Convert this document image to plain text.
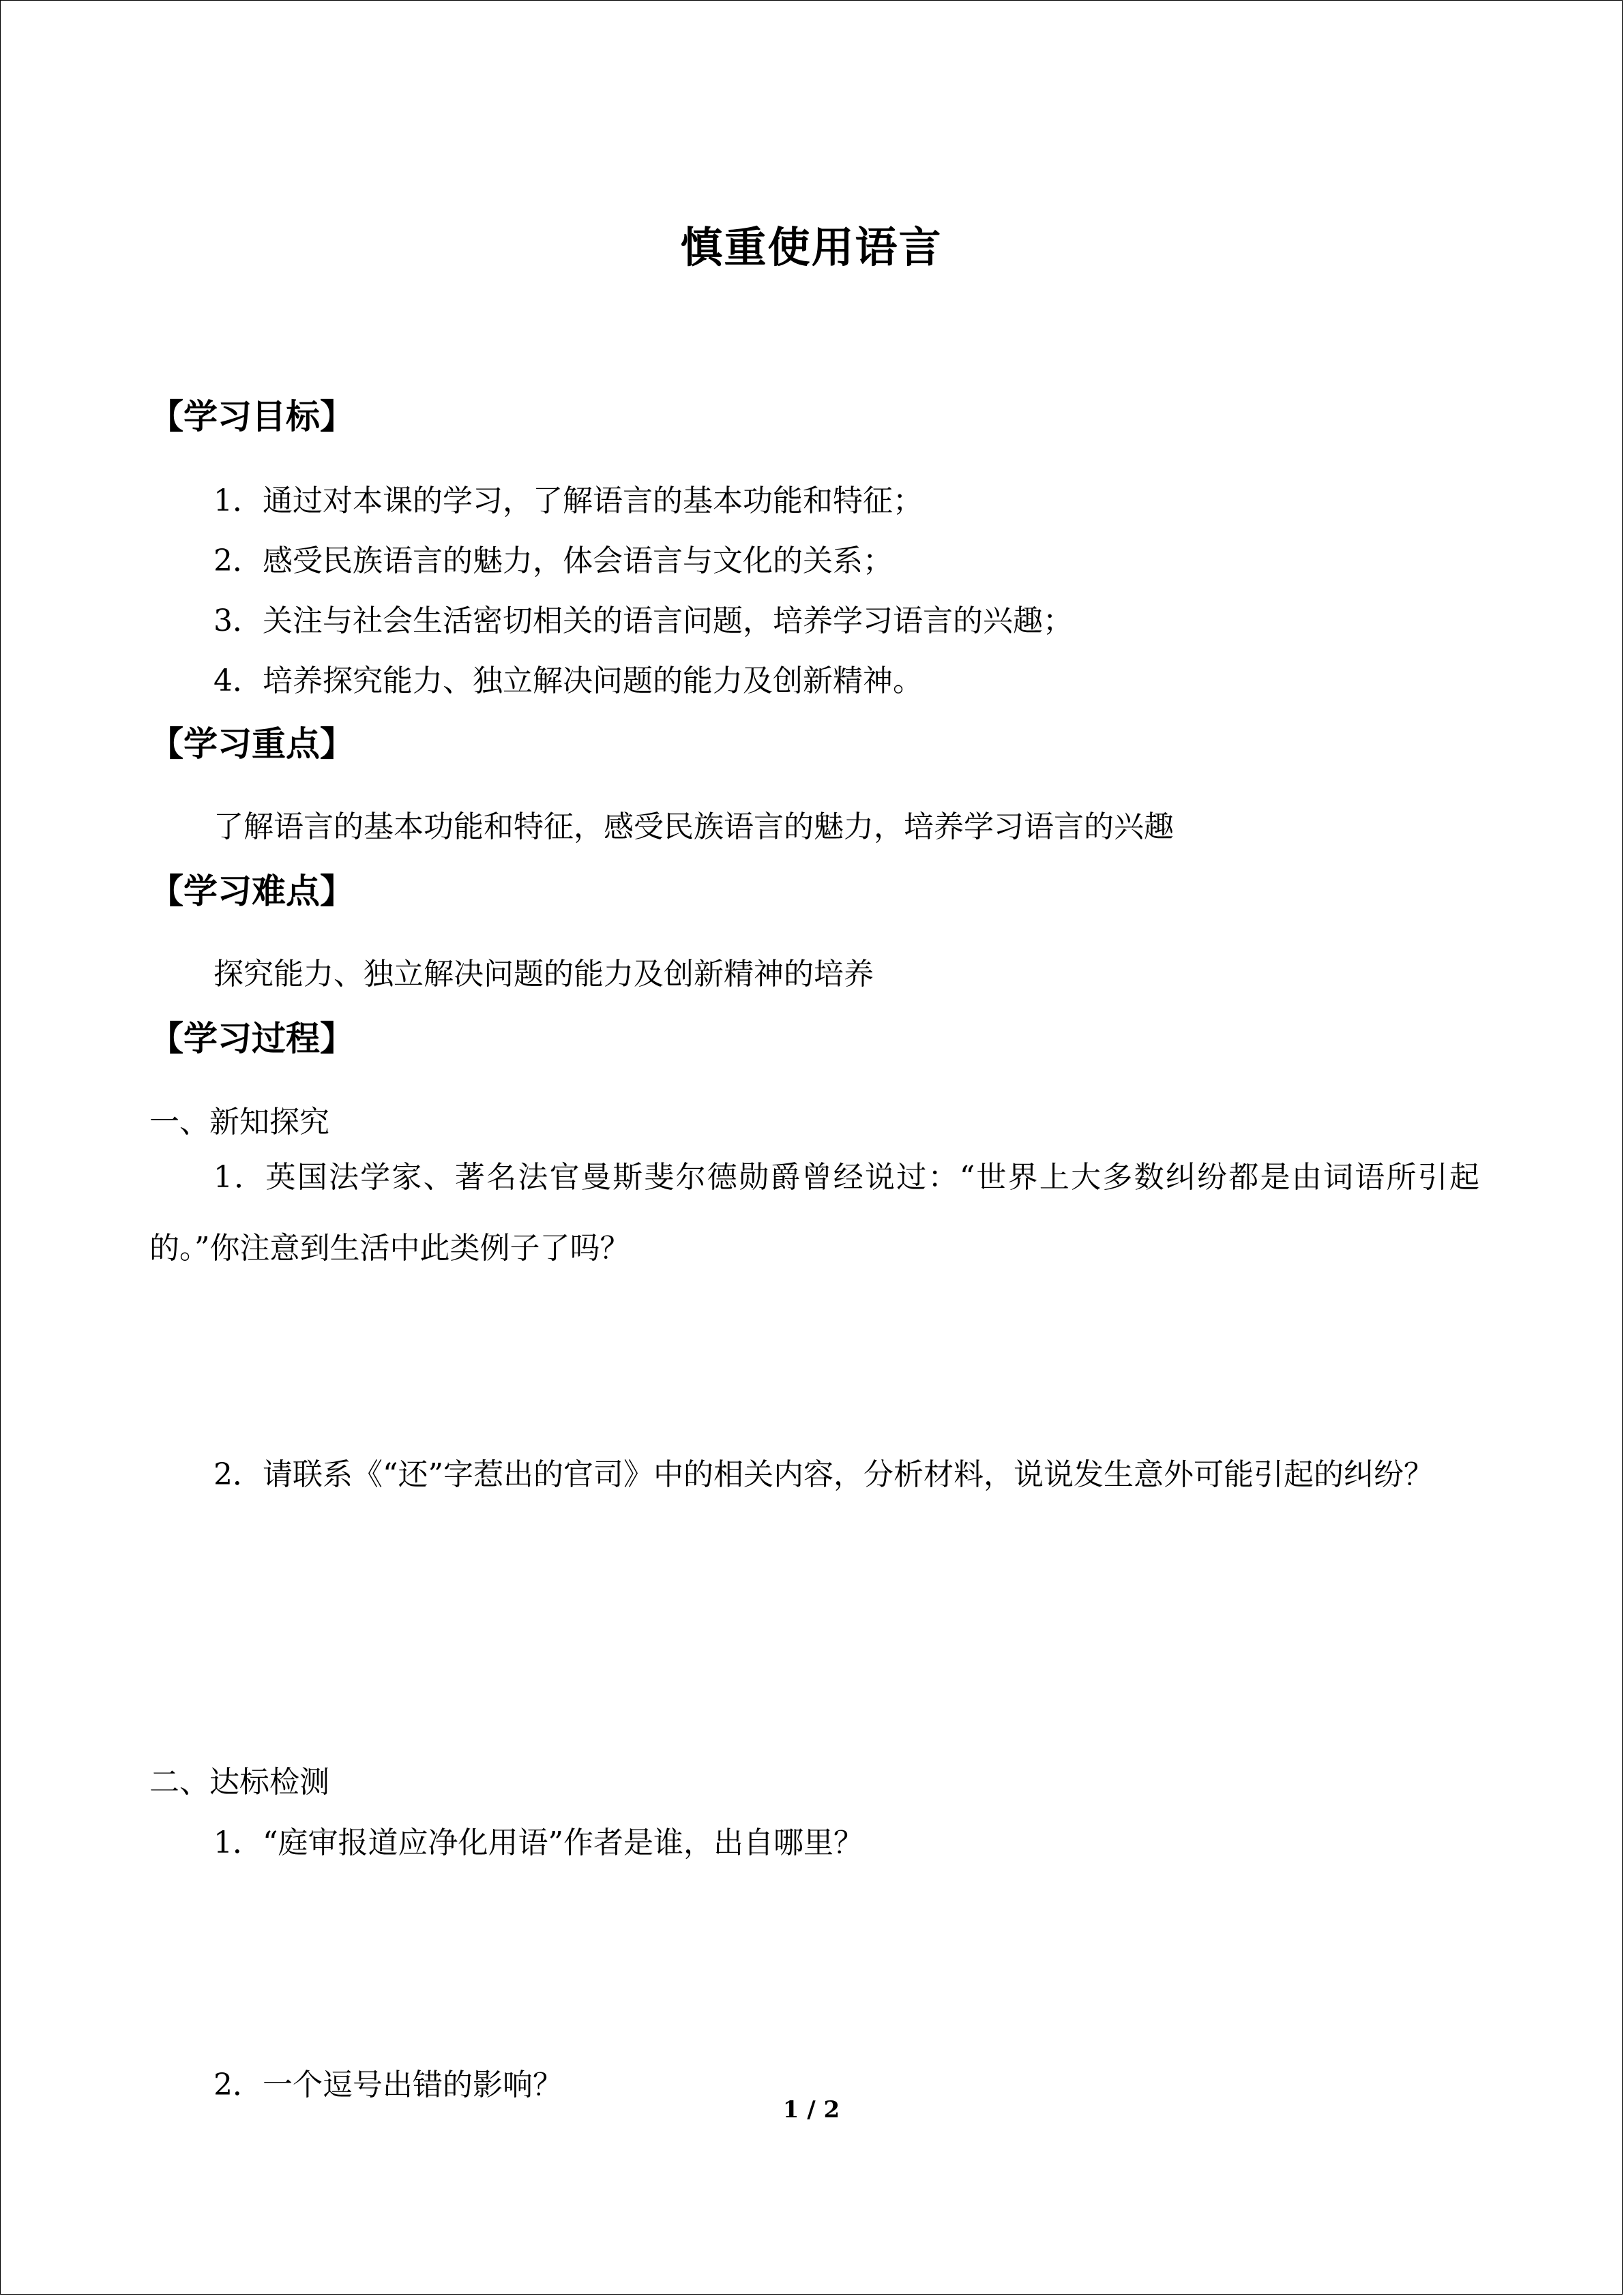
慎重使用语言
【学习目标】
1．通过对本课的学习，了解语言的基本功能和特征；
2．感受民族语言的魅力，体会语言与文化的关系；
3．关注与社会生活密切相关的语言问题，培养学习语言的兴趣；
4．培养探究能力、独立解决问题的能力及创新精神。
【学习重点】
了解语言的基本功能和特征，感受民族语言的魅力，培养学习语言的兴趣
【学习难点】
探究能力、独立解决问题的能力及创新精神的培养
【学习过程】
一、新知探究
1．英国法学家、著名法官曼斯斐尔德勋爵曾经说过：“世界上大多数纠纷都是由词语所引起的。”你注意到生活中此类例子了吗？
2．请联系《“还”字惹出的官司》中的相关内容，分析材料，说说发生意外可能引起的纠纷？
二、达标检测
1．“庭审报道应净化用语”作者是谁，出自哪里？
2．一个逗号出错的影响？
1 / 2
